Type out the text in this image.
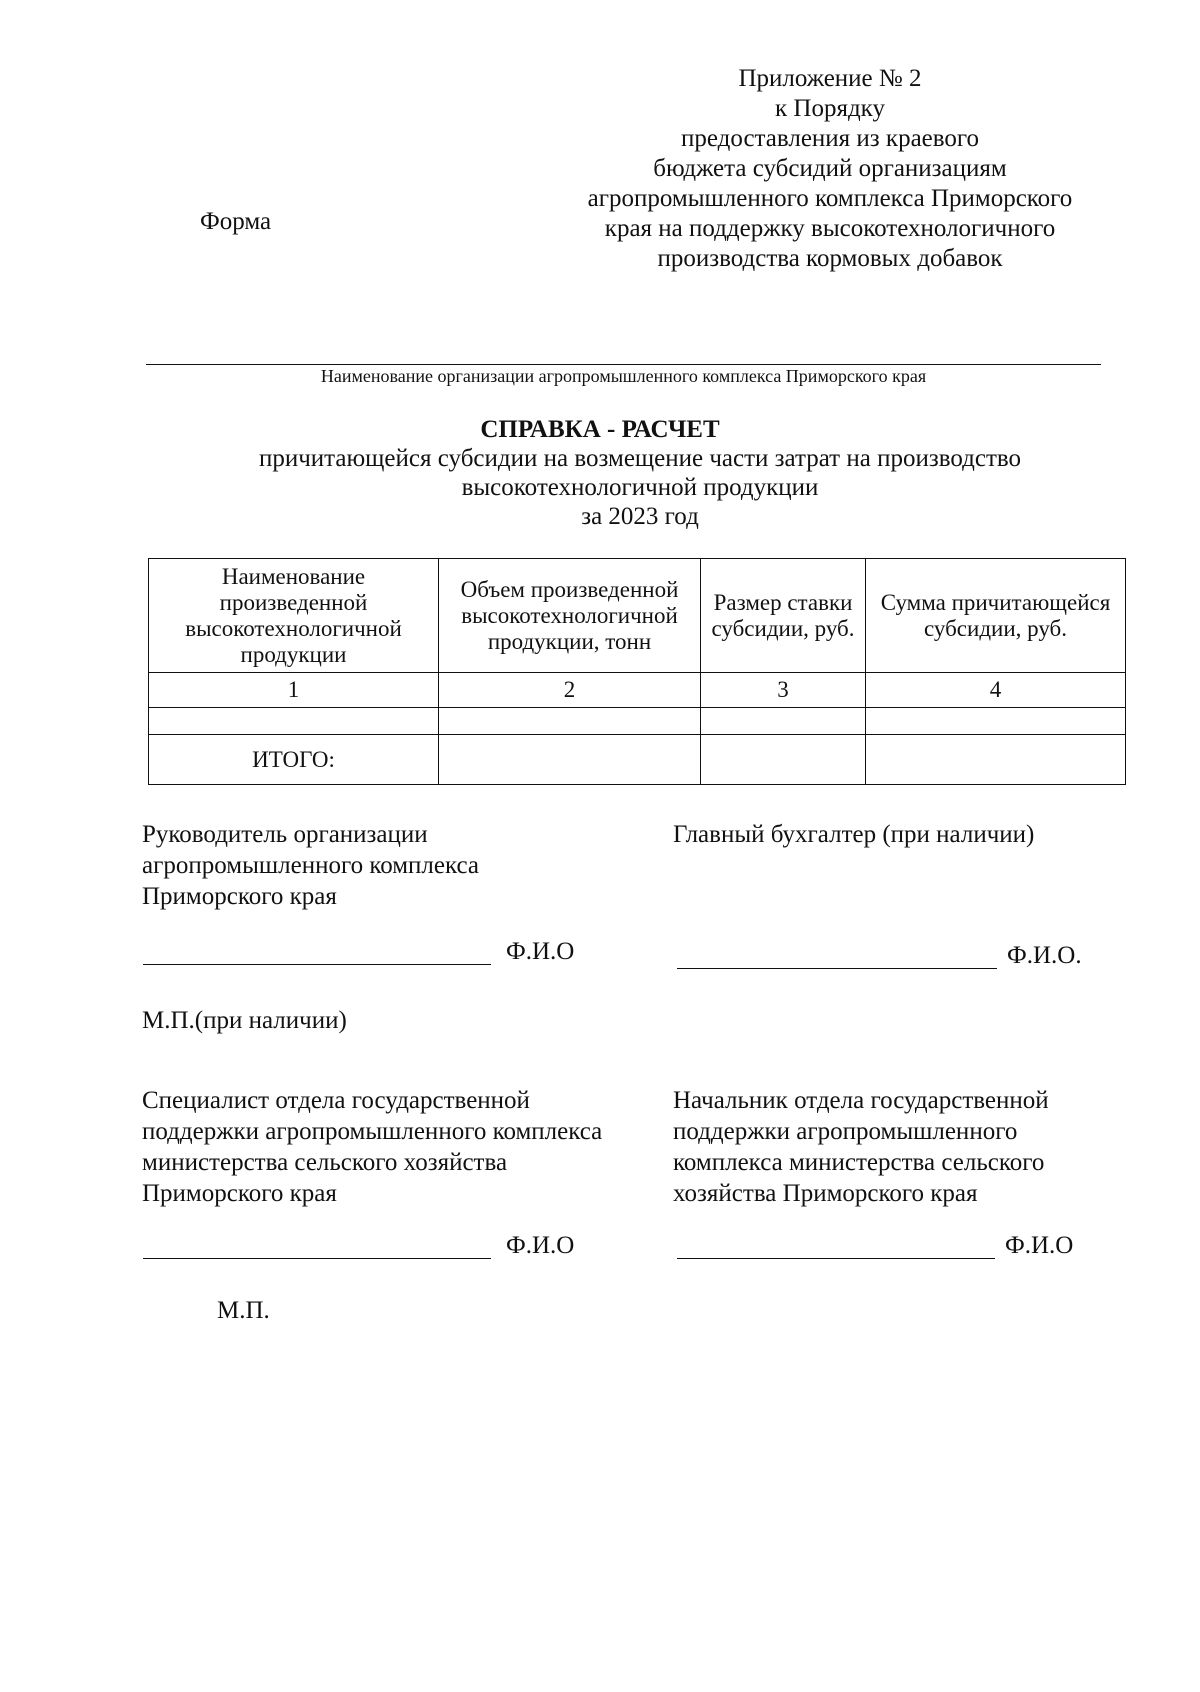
Приложение № 2
к Порядку
предоставления из краевого
бюджета субсидий организациям
агропромышленного комплекса Приморского
края на поддержку высокотехнологичного
производства кормовых добавок
Форма
Наименование организации агропромышленного комплекса Приморского края
СПРАВКА - РАСЧЕТ
причитающейся субсидии на возмещение части затрат на производство
высокотехнологичной продукции
за 2023 год
Наименование произведенной высокотехнологичной продукции	Объем произведенной высокотехнологичной продукции, тонн	Размер ставки субсидии, руб.	Сумма причитающейся субсидии, руб.
1	2	3	4

ИТОГО:			
Руководитель организации
агропромышленного комплекса
Приморского края
Ф.И.О
Главный бухгалтер (при наличии)
Ф.И.О.
М.П.(при наличии)
Специалист отдела государственной
поддержки агропромышленного комплекса
министерства сельского хозяйства
Приморского края
Ф.И.О
Начальник отдела государственной
поддержки агропромышленного
комплекса министерства сельского
хозяйства Приморского края
Ф.И.О
М.П.
